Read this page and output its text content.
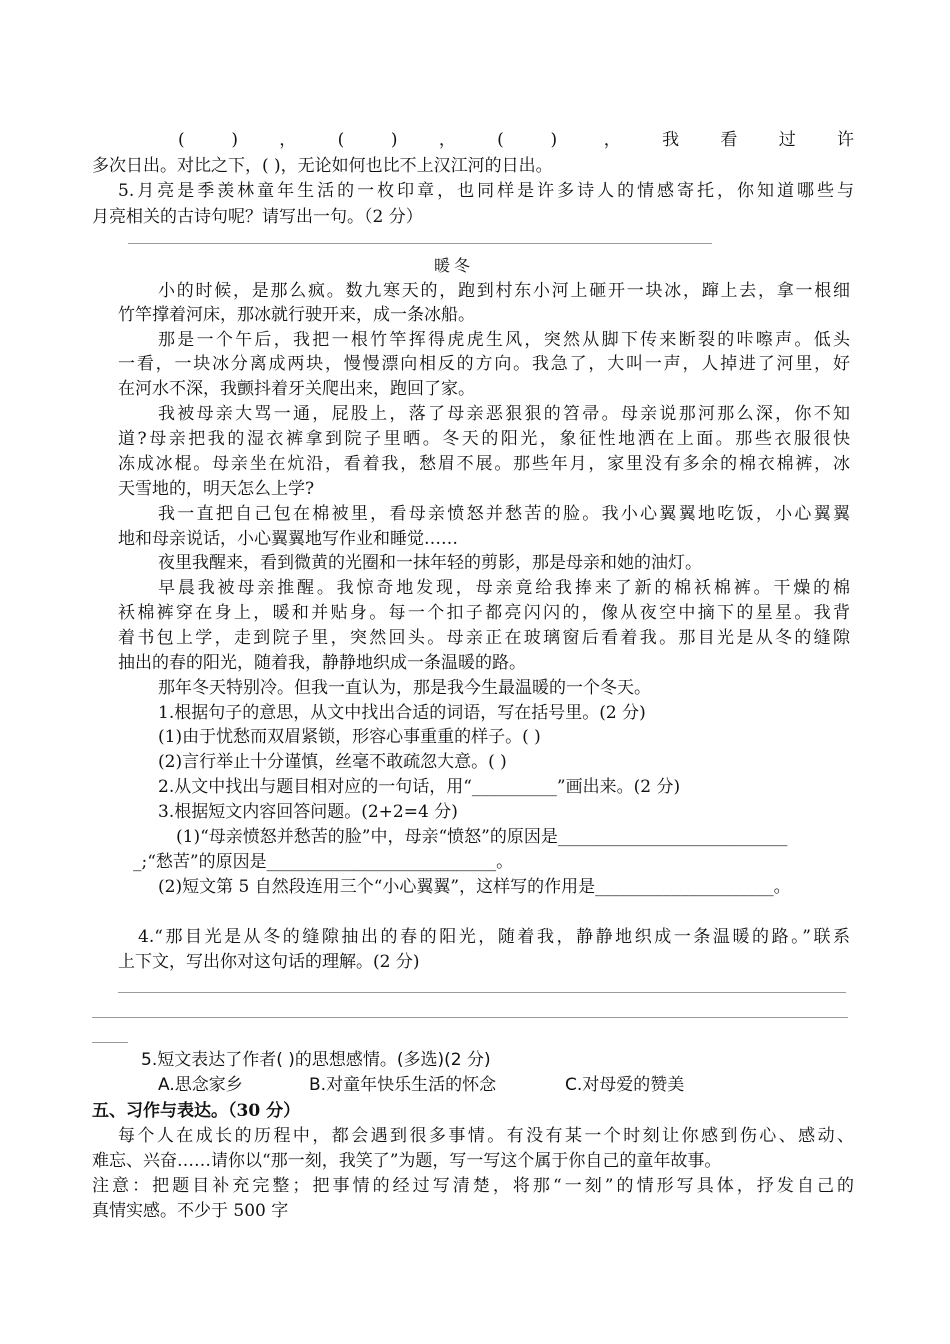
( )，( )，( ) ，我看过许
多次日出。对比之下，( )，无论如何也比不上汉江河的日出。
5.月亮是季羡林童年生活的一枚印章，也同样是许多诗人的情感寄托，你知道哪些与
月亮相关的古诗句呢？请写出一句。（2 分）
暖冬
小的时候，是那么疯。数九寒天的，跑到村东小河上砸开一块冰，蹿上去，拿一根细
竹竿撑着河床，那冰就行驶开来，成一条冰船。
那是一个午后，我把一根竹竿挥得虎虎生风，突然从脚下传来断裂的咔嚓声。低头
一看，一块冰分离成两块，慢慢漂向相反的方向。我急了，大叫一声，人掉进了河里，好
在河水不深，我颤抖着牙关爬出来，跑回了家。
我被母亲大骂一通，屁股上，落了母亲恶狠狠的笤帚。母亲说那河那么深，你不知
道?母亲把我的湿衣裤拿到院子里晒。冬天的阳光，象征性地洒在上面。那些衣服很快
冻成冰棍。母亲坐在炕沿，看着我，愁眉不展。那些年月，家里没有多余的棉衣棉裤，冰
天雪地的，明天怎么上学?
我一直把自己包在棉被里，看母亲愤怒并愁苦的脸。我小心翼翼地吃饭，小心翼翼
地和母亲说话，小心翼翼地写作业和睡觉……
夜里我醒来，看到微黄的光圈和一抹年轻的剪影，那是母亲和她的油灯。
早晨我被母亲推醒。我惊奇地发现，母亲竟给我捧来了新的棉袄棉裤。干燥的棉
袄棉裤穿在身上，暖和并贴身。每一个扣子都亮闪闪的，像从夜空中摘下的星星。我背
着书包上学，走到院子里，突然回头。母亲正在玻璃窗后看着我。那目光是从冬的缝隙
抽出的春的阳光，随着我，静静地织成一条温暖的路。
那年冬天特别冷。但我一直认为，那是我今生最温暖的一个冬天。
1.根据句子的意思，从文中找出合适的词语，写在括号里。(2 分)
(1)由于忧愁而双眉紧锁，形容心事重重的样子。( )
(2)言行举止十分谨慎，丝毫不敢疏忽大意。( )
2.从文中找出与题目相对应的一句话，用“__________”画出来。(2 分)
3.根据短文内容回答问题。(2+2=4 分)
(1)“母亲愤怒并愁苦的脸”中，母亲“愤怒”的原因是___________________________
_;“愁苦”的原因是___________________________。
(2)短文第 5 自然段连用三个“小心翼翼”，这样写的作用是_____________________。
4.“那目光是从冬的缝隙抽出的春的阳光，随着我，静静地织成一条温暖的路。”联系
上下文，写出你对这句话的理解。(2 分)
5.短文表达了作者( )的思想感情。(多选)(2 分)
A.思念家乡	B.对童年快乐生活的怀念	C.对母爱的赞美
五、习作与表达。（30 分）
每个人在成长的历程中，都会遇到很多事情。有没有某一个时刻让你感到伤心、感动、
难忘、兴奋……请你以“那一刻，我笑了”为题，写一写这个属于你自己的童年故事。
注意：把题目补充完整；把事情的经过写清楚，将那“一刻”的情形写具体，抒发自己的
真情实感。不少于 500 字
